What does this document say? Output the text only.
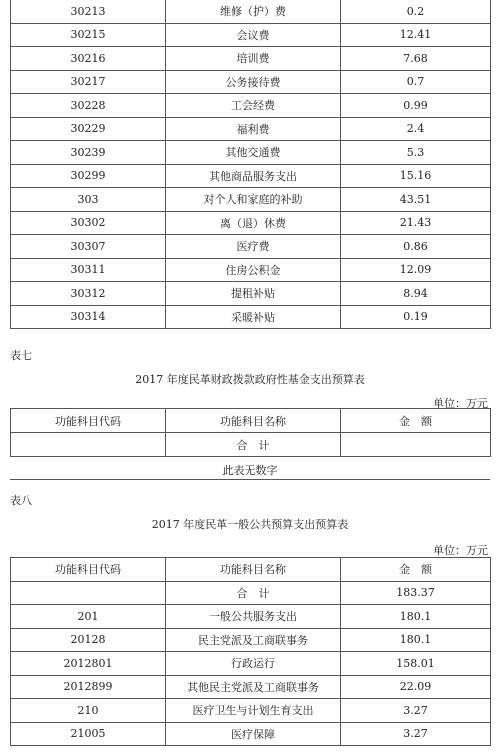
30213	维修（护）费	0.2
30215	会议费	12.41
30216	培训费	7.68
30217	公务接待费	0.7
30228	工会经费	0.99
30229	福利费	2.4
30239	其他交通费	5.3
30299	其他商品服务支出	15.16
303	对个人和家庭的补助	43.51
30302	离（退）休费	21.43
30307	医疗费	0.86
30311	住房公积金	12.09
30312	提租补贴	8.94
30314	采暖补贴	0.19
表七
2017 年度民革财政拨款政府性基金支出预算表
单位：万元
功能科目代码	功能科目名称	金　额
	合　计	
此表无数字
表八
2017 年度民革一般公共预算支出预算表
单位：万元
功能科目代码	功能科目名称	金　额
	合　计	183.37
201	一般公共服务支出	180.1
20128	民主党派及工商联事务	180.1
2012801	行政运行	158.01
2012899	其他民主党派及工商联事务	22.09
210	医疗卫生与计划生育支出	3.27
21005	医疗保障	3.27
